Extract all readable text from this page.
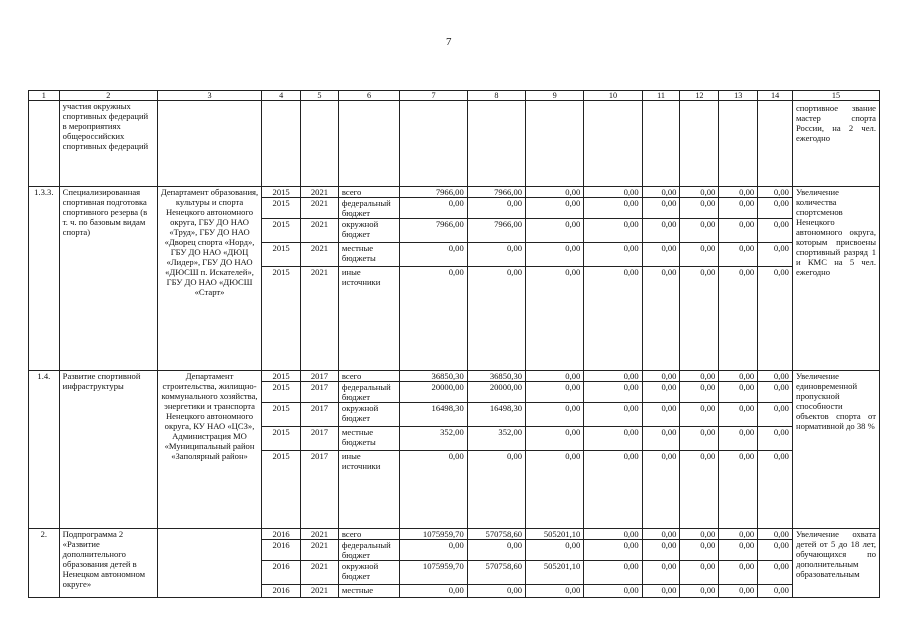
7
1	2	3	4	5	6	7	8	9	10	11	12	13	14	15
	участия окружных спортивных федераций в мероприятиях общероссийских спортивных федераций													спортивное звание мастер спорта России, на 2 чел. ежегодно
1.3.3.	Специализированная спортивная подготовка спортивного резерва (в т. ч. по базовым видам спорта)	Департамент образования, культуры и спорта Ненецкого автономного округа, ГБУ ДО НАО «Труд», ГБУ ДО НАО «Дворец спорта «Норд», ГБУ ДО НАО «ДЮЦ «Лидер», ГБУ ДО НАО «ДЮСШ п. Искателей», ГБУ ДО НАО «ДЮСШ «Старт»	2015	2021	всего	7966,00	7966,00	0,00	0,00	0,00	0,00	0,00	0,00	Увеличение количества спортсменов Ненецкого автономного округа, которым присвоены спортивный разряд 1 и КМС на 5 чел. ежегодно
			2015	2021	федеральный бюджет	0,00	0,00	0,00	0,00	0,00	0,00	0,00	0,00	
			2015	2021	окружной бюджет	7966,00	7966,00	0,00	0,00	0,00	0,00	0,00	0,00	
			2015	2021	местные бюджеты	0,00	0,00	0,00	0,00	0,00	0,00	0,00	0,00	
			2015	2021	иные источники	0,00	0,00	0,00	0,00	0,00	0,00	0,00	0,00	
1.4.	Развитие спортивной инфраструктуры	Департамент строительства, жилищно-коммунального хозяйства, энергетики и транспорта Ненецкого автономного округа, КУ НАО «ЦСЗ», Администрация МО «Муниципальный район «Заполярный район»	2015	2017	всего	36850,30	36850,30	0,00	0,00	0,00	0,00	0,00	0,00	Увеличение единовременной пропускной способности объектов спорта от нормативной до 38 %
			2015	2017	федеральный бюджет	20000,00	20000,00	0,00	0,00	0,00	0,00	0,00	0,00	
			2015	2017	окружной бюджет	16498,30	16498,30	0,00	0,00	0,00	0,00	0,00	0,00	
			2015	2017	местные бюджеты	352,00	352,00	0,00	0,00	0,00	0,00	0,00	0,00	
			2015	2017	иные источники	0,00	0,00	0,00	0,00	0,00	0,00	0,00	0,00	
2.	Подпрограмма 2 «Развитие дополнительного образования детей в Ненецком автономном округе»		2016	2021	всего	1075959,70	570758,60	505201,10	0,00	0,00	0,00	0,00	0,00	Увеличение охвата детей от 5 до 18 лет, обучающихся по дополнительным образовательным
			2016	2021	федеральный бюджет	0,00	0,00	0,00	0,00	0,00	0,00	0,00	0,00	
			2016	2021	окружной бюджет	1075959,70	570758,60	505201,10	0,00	0,00	0,00	0,00	0,00	
			2016	2021	местные	0,00	0,00	0,00	0,00	0,00	0,00	0,00	0,00	
